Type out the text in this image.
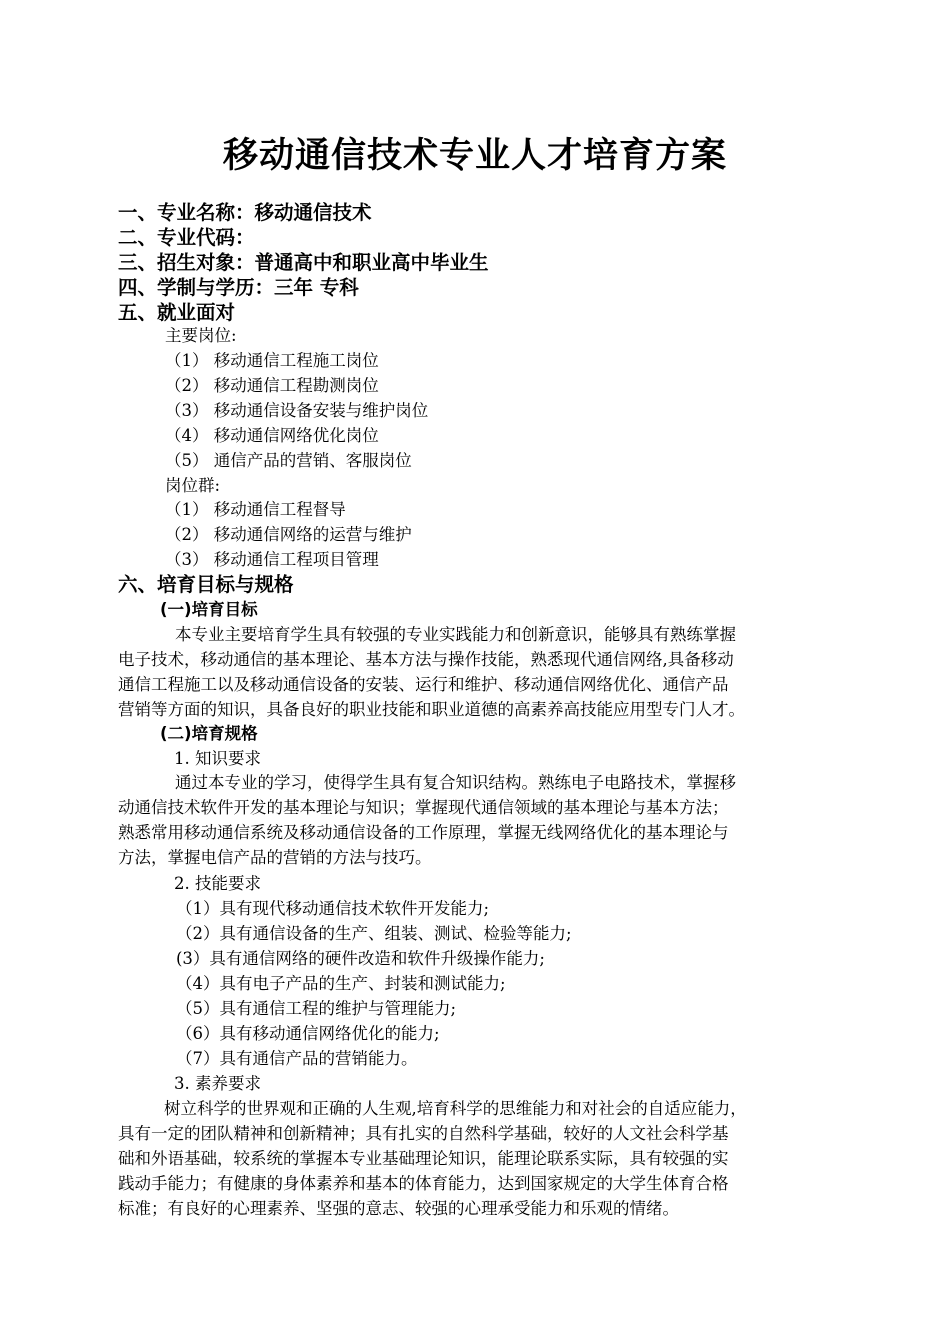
移动通信技术专业人才培育方案
一、专业名称：移动通信技术
二、专业代码：
三、招生对象：普通高中和职业高中毕业生
四、学制与学历：三年 专科
五、就业面对
主要岗位:
（1） 移动通信工程施工岗位
（2） 移动通信工程勘测岗位
（3） 移动通信设备安装与维护岗位
（4） 移动通信网络优化岗位
（5） 通信产品的营销、客服岗位
岗位群:
（1） 移动通信工程督导
（2） 移动通信网络的运营与维护
（3） 移动通信工程项目管理
六、培育目标与规格
(一)培育目标
本专业主要培育学生具有较强的专业实践能力和创新意识，能够具有熟练掌握
电子技术，移动通信的基本理论、基本方法与操作技能，熟悉现代通信网络,具备移动
通信工程施工以及移动通信设备的安装、运行和维护、移动通信网络优化、通信产品
营销等方面的知识，具备良好的职业技能和职业道德的高素养高技能应用型专门人才。
(二)培育规格
1. 知识要求
通过本专业的学习，使得学生具有复合知识结构。熟练电子电路技术，掌握移
动通信技术软件开发的基本理论与知识；掌握现代通信领域的基本理论与基本方法；
熟悉常用移动通信系统及移动通信设备的工作原理，掌握无线网络优化的基本理论与
方法，掌握电信产品的营销的方法与技巧。
2. 技能要求
（1）具有现代移动通信技术软件开发能力;
（2）具有通信设备的生产、组装、测试、检验等能力;
(3）具有通信网络的硬件改造和软件升级操作能力;
（4）具有电子产品的生产、封装和测试能力;
（5）具有通信工程的维护与管理能力;
（6）具有移动通信网络优化的能力;
（7）具有通信产品的营销能力。
3. 素养要求
树立科学的世界观和正确的人生观,培育科学的思维能力和对社会的自适应能力，
具有一定的团队精神和创新精神；具有扎实的自然科学基础，较好的人文社会科学基
础和外语基础，较系统的掌握本专业基础理论知识，能理论联系实际，具有较强的实
践动手能力；有健康的身体素养和基本的体育能力，达到国家规定的大学生体育合格
标准；有良好的心理素养、坚强的意志、较强的心理承受能力和乐观的情绪。
